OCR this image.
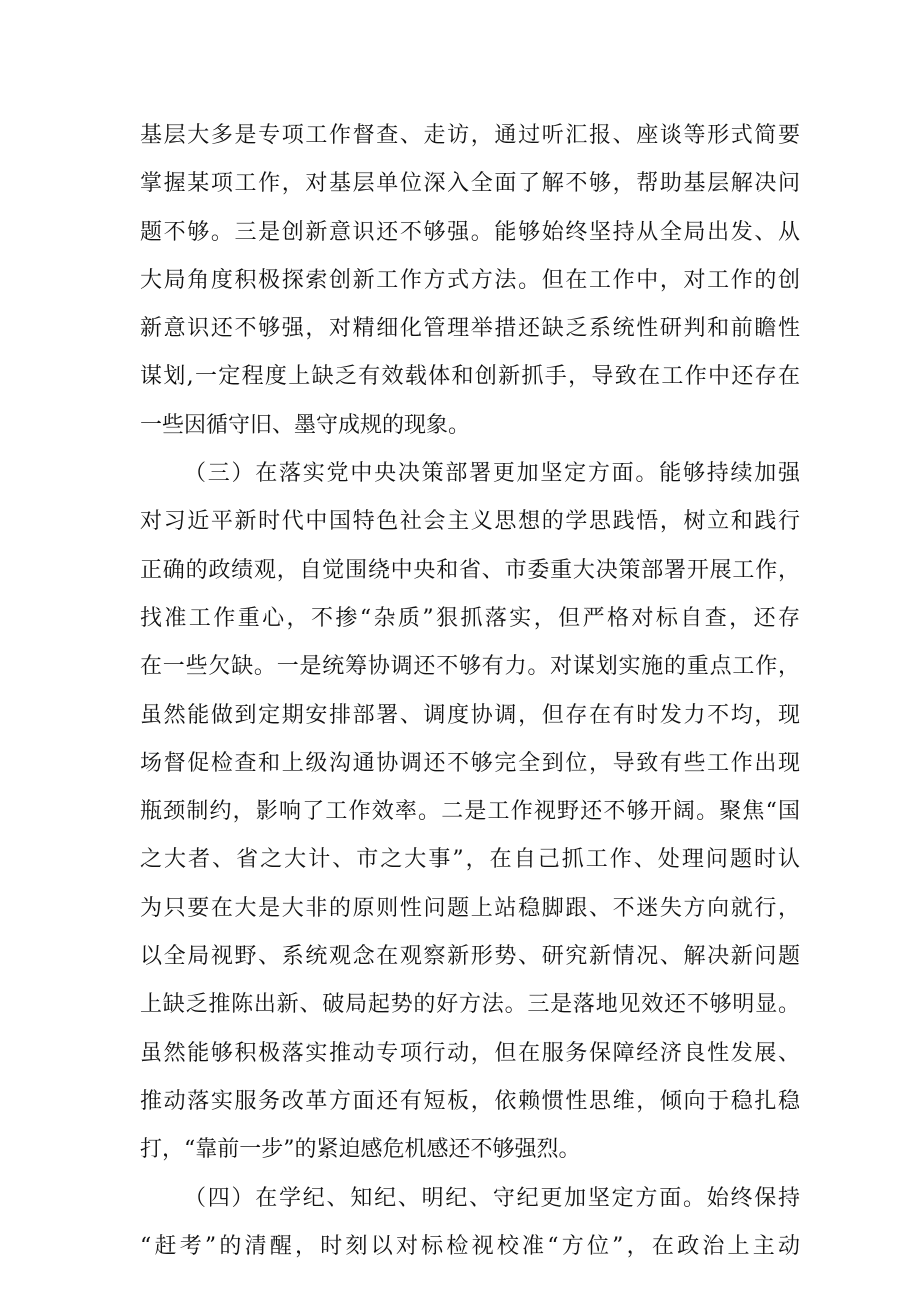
基层大多是专项工作督查、走访，通过听汇报、座谈等形式简要
掌握某项工作，对基层单位深入全面了解不够，帮助基层解决问
题不够。三是创新意识还不够强。能够始终坚持从全局出发、从
大局角度积极探索创新工作方式方法。但在工作中，对工作的创
新意识还不够强，对精细化管理举措还缺乏系统性研判和前瞻性
谋划,一定程度上缺乏有效载体和创新抓手，导致在工作中还存在
一些因循守旧、墨守成规的现象。
（三）在落实党中央决策部署更加坚定方面。能够持续加强
对习近平新时代中国特色社会主义思想的学思践悟，树立和践行
正确的政绩观，自觉围绕中央和省、市委重大决策部署开展工作，
找准工作重心，不掺“杂质”狠抓落实，但严格对标自查，还存
在一些欠缺。一是统筹协调还不够有力。对谋划实施的重点工作，
虽然能做到定期安排部署、调度协调，但存在有时发力不均，现
场督促检查和上级沟通协调还不够完全到位，导致有些工作出现
瓶颈制约，影响了工作效率。二是工作视野还不够开阔。聚焦“国
之大者、省之大计、市之大事”，在自己抓工作、处理问题时认
为只要在大是大非的原则性问题上站稳脚跟、不迷失方向就行，
以全局视野、系统观念在观察新形势、研究新情况、解决新问题
上缺乏推陈出新、破局起势的好方法。三是落地见效还不够明显。
虽然能够积极落实推动专项行动，但在服务保障经济良性发展、
推动落实服务改革方面还有短板，依赖惯性思维，倾向于稳扎稳
打，“靠前一步”的紧迫感危机感还不够强烈。
（四）在学纪、知纪、明纪、守纪更加坚定方面。始终保持
“赶考”的清醒，时刻以对标检视校准“方位”，在政治上主动
